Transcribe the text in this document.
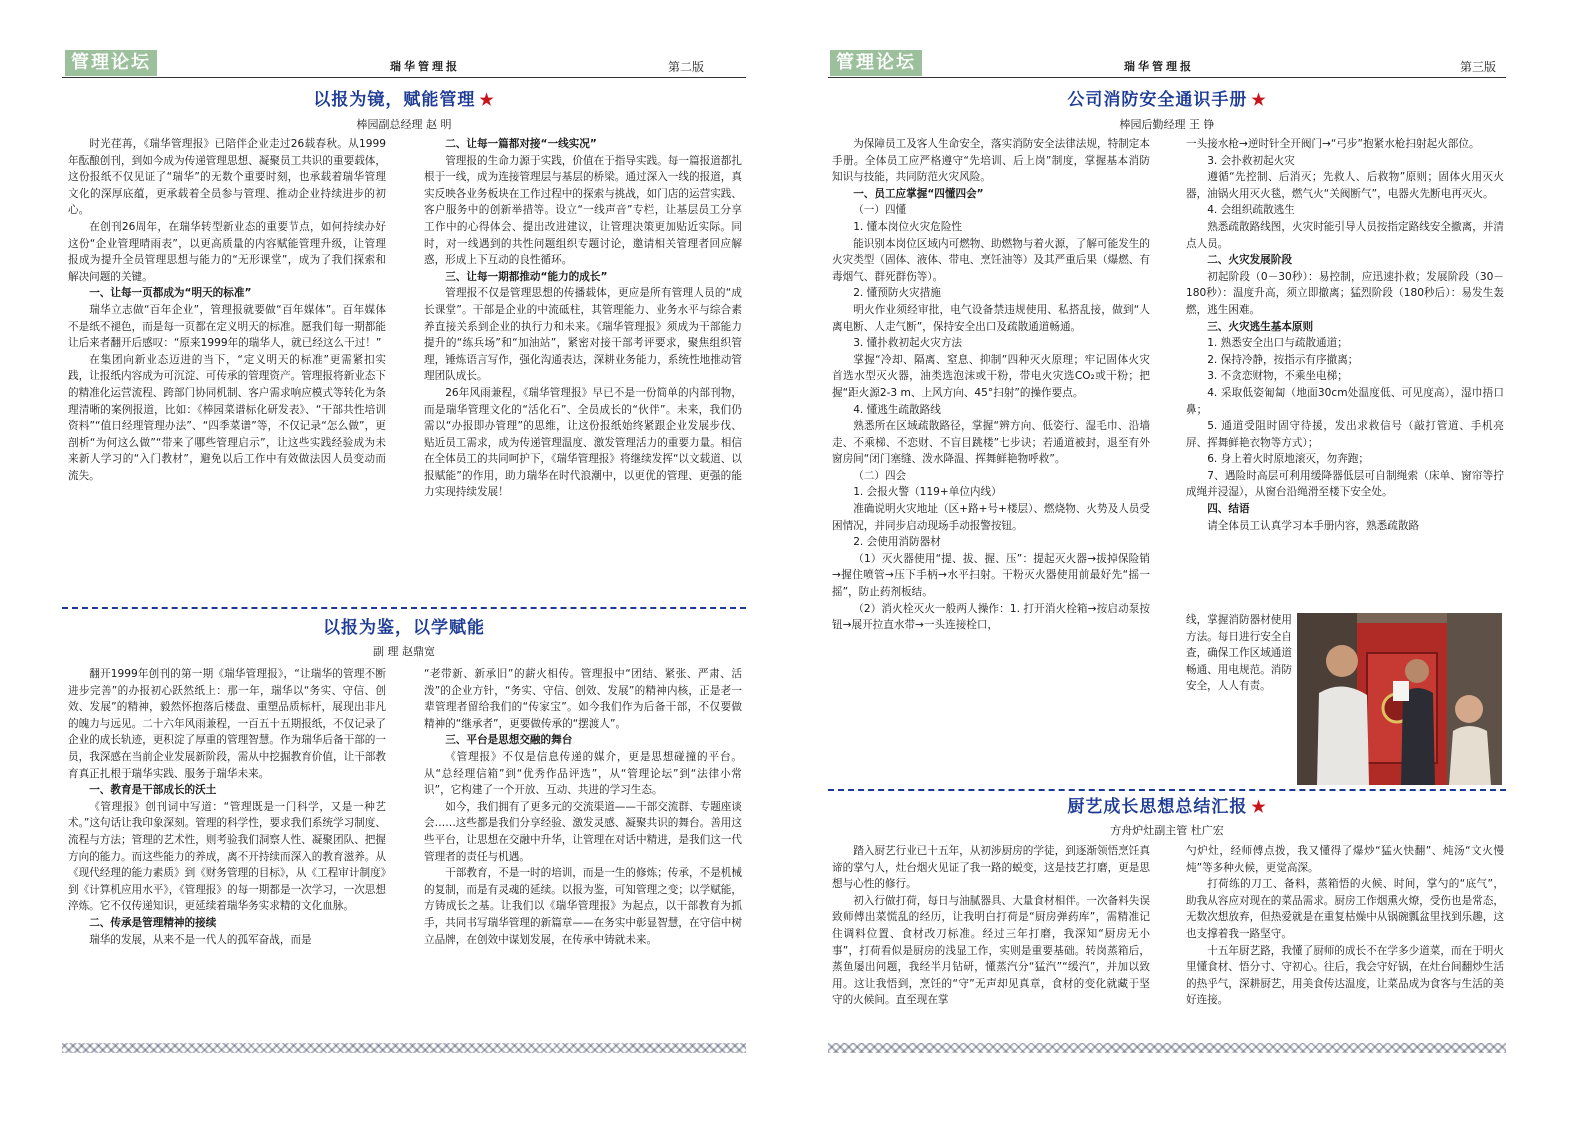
管理论坛	瑞华管理报	第二版
以报为镜，赋能管理 ★
棒园副总经理 赵 明

时光荏苒，《瑞华管理报》已陪伴企业走过26载春秋。从1999年酝酿创刊，到如今成为传递管理思想、凝聚员工共识的重要载体，这份报纸不仅见证了“瑞华”的无数个重要时刻，也承载着瑞华管理文化的深厚底蕴，更承载着全员参与管理、推动企业持续进步的初心。

在创刊26周年，在瑞华转型新业态的重要节点，如何持续办好这份“企业管理晴雨表”，以更高质量的内容赋能管理升级，让管理报成为提升全员管理思想与能力的“无形课堂”，成为了我们探索和解决问题的关键。

一、让每一页都成为“明天的标准”

瑞华立志做“百年企业”，管理报就要做“百年媒体”。百年媒体不是纸不褪色，而是每一页都在定义明天的标准。愿我们每一期都能让后来者翻开后感叹：“原来1999年的瑞华人，就已经这么干过！”

在集团向新业态迈进的当下，“定义明天的标准”更需紧扣实践，让报纸内容成为可沉淀、可传承的管理资产。管理报将新业态下的精准化运营流程、跨部门协同机制、客户需求响应模式等转化为条理清晰的案例报道，比如：《棒园菜谱标化研发表》、“干部共性培训资料”“值日经理管理办法”、“四季菜谱”等，不仅记录“怎么做”，更剖析“为何这么做”“带来了哪些管理启示”，让这些实践经验成为未来新人学习的“入门教材”，避免以后工作中有效做法因人员变动而流失。

二、让每一篇都对接“一线实况”

管理报的生命力源于实践，价值在于指导实践。每一篇报道都扎根于一线，成为连接管理层与基层的桥梁。通过深入一线的报道，真实反映各业务板块在工作过程中的探索与挑战，如门店的运营实践、客户服务中的创新举措等。设立“一线声音”专栏，让基层员工分享工作中的心得体会、提出改进建议，让管理决策更加贴近实际。同时，对一线遇到的共性问题组织专题讨论，邀请相关管理者回应解惑，形成上下互动的良性循环。

三、让每一期都推动“能力的成长”

管理报不仅是管理思想的传播载体，更应是所有管理人员的“成长课堂”。干部是企业的中流砥柱，其管理能力、业务水平与综合素养直接关系到企业的执行力和未来。《瑞华管理报》须成为干部能力提升的“练兵场”和“加油站”，紧密对接干部考评要求，聚焦组织管理，锤炼语言写作，强化沟通表达，深耕业务能力，系统性地推动管理团队成长。

26年风雨兼程，《瑞华管理报》早已不是一份简单的内部刊物，而是瑞华管理文化的“活化石”、全员成长的“伙伴”。未来，我们仍需以“办报即办管理”的思维，让这份报纸始终紧跟企业发展步伐、贴近员工需求，成为传递管理温度、激发管理活力的重要力量。相信在全体员工的共同呵护下，《瑞华管理报》将继续发挥“以文载道、以报赋能”的作用，助力瑞华在时代浪潮中，以更优的管理、更强的能力实现持续发展！

以报为鉴，以学赋能
副 理 赵鼎宽

翻开1999年创刊的第一期《瑞华管理报》，“让瑞华的管理不断进步完善”的办报初心跃然纸上：那一年，瑞华以“务实、守信、创效、发展”的精神，毅然怀抱落后楼盘、重塑品质标杆，展现出非凡的魄力与远见。二十六年风雨兼程，一百五十五期报纸，不仅记录了企业的成长轨迹，更积淀了厚重的管理智慧。作为瑞华后备干部的一员，我深感在当前企业发展新阶段，需从中挖掘教育价值，让干部教育真正扎根于瑞华实践、服务于瑞华未来。

一、教育是干部成长的沃土

《管理报》创刊词中写道：“管理既是一门科学，又是一种艺术。”这句话让我印象深刻。管理的科学性，要求我们系统学习制度、流程与方法；管理的艺术性，则考验我们洞察人性、凝聚团队、把握方向的能力。而这些能力的养成，离不开持续而深入的教育滋养。从《现代经理的能力素质》到《财务管理的目标》，从《工程审计制度》到《计算机应用水平》，《管理报》的每一期都是一次学习，一次思想淬炼。它不仅传递知识，更延续着瑞华务实求精的文化血脉。

二、传承是管理精神的接续

瑞华的发展，从来不是一代人的孤军奋战，而是

“老带新、新承旧”的薪火相传。管理报中“团结、紧张、严肃、活泼”的企业方针，“务实、守信、创效、发展”的精神内核，正是老一辈管理者留给我们的“传家宝”。如今我们作为后备干部，不仅要做精神的“继承者”，更要做传承的“摆渡人”。

三、平台是思想交融的舞台

《管理报》不仅是信息传递的媒介，更是思想碰撞的平台。从“总经理信箱”到“优秀作品评选”，从“管理论坛”到“法律小常识”，它构建了一个开放、互动、共进的学习生态。

如今，我们拥有了更多元的交流渠道——干部交流群、专题座谈会……这些都是我们分享经验、激发灵感、凝聚共识的舞台。善用这些平台，让思想在交融中升华，让管理在对话中精进，是我们这一代管理者的责任与机遇。

干部教育，不是一时的培训，而是一生的修炼；传承，不是机械的复制，而是有灵魂的延续。以报为鉴，可知管理之变；以学赋能，方铸成长之基。让我们以《瑞华管理报》为起点，以干部教育为抓手，共同书写瑞华管理的新篇章——在务实中彰显智慧，在守信中树立品牌，在创效中谋划发展，在传承中铸就未来。

管理论坛	瑞华管理报	第三版
公司消防安全通识手册 ★
棒园后勤经理 王 铮

为保障员工及客人生命安全，落实消防安全法律法规，特制定本手册。全体员工应严格遵守“先培训、后上岗”制度，掌握基本消防知识与技能，共同防范火灾风险。

一、员工应掌握“四懂四会”

（一）四懂

1. 懂本岗位火灾危险性

能识别本岗位区域内可燃物、助燃物与着火源，了解可能发生的火灾类型（固体、液体、带电、烹饪油等）及其严重后果（爆燃、有毒烟气、群死群伤等）。

2. 懂预防火灾措施

明火作业须经审批，电气设备禁违规使用、私搭乱接，做到“人离电断、人走气断”，保持安全出口及疏散通道畅通。

3. 懂扑救初起火灾方法

掌握“冷却、隔离、窒息、抑制”四种灭火原理；牢记固体火灾首选水型灭火器，油类选泡沫或干粉，带电火灾选CO₂或干粉；把握“距火源2-3 m、上风方向、45°扫射”的操作要点。

4. 懂逃生疏散路线

熟悉所在区域疏散路径，掌握“辨方向、低姿行、湿毛巾、沿墙走、不乘梯、不恋财、不盲目跳楼”七步诀；若通道被封，退至有外窗房间“闭门塞缝、泼水降温、挥舞鲜艳物呼救”。

（二）四会

1. 会报火警（119+单位内线）

准确说明火灾地址（区+路+号+楼层）、燃烧物、火势及人员受困情况，并同步启动现场手动报警按钮。

2. 会使用消防器材

（1）灭火器使用“提、拔、握、压”：提起灭火器→拔掉保险销→握住喷管→压下手柄→水平扫射。干粉灭火器使用前最好先“摇一摇”，防止药剂板结。

（2）消火栓灭火一般两人操作：1. 打开消火栓箱→按启动泵按钮→展开拉直水带→一头连接栓口，

一头接水枪→逆时针全开阀门→“弓步”抱紧水枪扫射起火部位。

3. 会扑救初起火灾

遵循“先控制、后消灭；先救人、后救物”原则；固体火用灭火器，油锅火用灭火毯，燃气火“关阀断气”，电器火先断电再灭火。

4. 会组织疏散逃生

熟悉疏散路线图，火灾时能引导人员按指定路线安全撤离，并清点人员。

二、火灾发展阶段

初起阶段（0－30秒）：易控制，应迅速扑救；发展阶段（30－180秒）：温度升高，须立即撤离；猛烈阶段（180秒后）：易发生轰燃，逃生困难。

三、火灾逃生基本原则

1. 熟悉安全出口与疏散通道；

2. 保持冷静，按指示有序撤离；

3. 不贪恋财物，不乘坐电梯；

4. 采取低姿匍匐（地面30cm处温度低、可见度高），湿巾捂口鼻；

5. 通道受阻时固守待援，发出求救信号（敲打管道、手机亮屏、挥舞鲜艳衣物等方式）；

6. 身上着火时原地滚灭，勿奔跑；

7、遇险时高层可利用缓降器低层可自制绳索（床单、窗帘等拧成绳并浸湿），从窗台沿绳滑至楼下安全处。

四、结语

请全体员工认真学习本手册内容，熟悉疏散路

线，掌握消防器材使用方法。每日进行安全自查，确保工作区域通道畅通、用电规范。消防安全，人人有责。

厨艺成长思想总结汇报 ★
方舟炉灶副主管 杜广宏

踏入厨艺行业已十五年，从初涉厨房的学徒，到逐渐领悟烹饪真谛的掌勺人，灶台烟火见证了我一路的蜕变，这是技艺打磨，更是思想与心性的修行。

初入行做打荷，每日与油腻器具、大量食材相伴。一次备料失误致师傅出菜慌乱的经历，让我明白打荷是“厨房弹药库”，需精准记住调料位置、食材改刀标准。经过三年打磨，我深知“厨房无小事”，打荷看似是厨房的浅显工作，实则是重要基础。转岗蒸箱后，蒸鱼屡出问题，我经半月钻研，懂蒸汽分“猛汽”“缓汽”，并加以致用。这让我悟到，烹饪的“守”无声却见真章，食材的变化就藏于坚守的火候间。直至现在掌

勺炉灶，经师傅点拨，我又懂得了爆炒“猛火快翻”、炖汤“文火慢炖”等多种火候，更觉高深。

打荷练的刀工、备料，蒸箱悟的火候、时间，掌勺的“底气”，助我从容应对现在的菜品需求。厨房工作烟熏火燎，受伤也是常态，无数次想放弃，但热爱就是在重复枯燥中从锅碗瓢盆里找到乐趣，这也支撑着我一路坚守。

十五年厨艺路，我懂了厨师的成长不在学多少道菜，而在于明火里懂食材、悟分寸、守初心。往后，我会守好锅，在灶台间翻炒生活的热乎气，深耕厨艺，用美食传达温度，让菜品成为食客与生活的美好连接。
